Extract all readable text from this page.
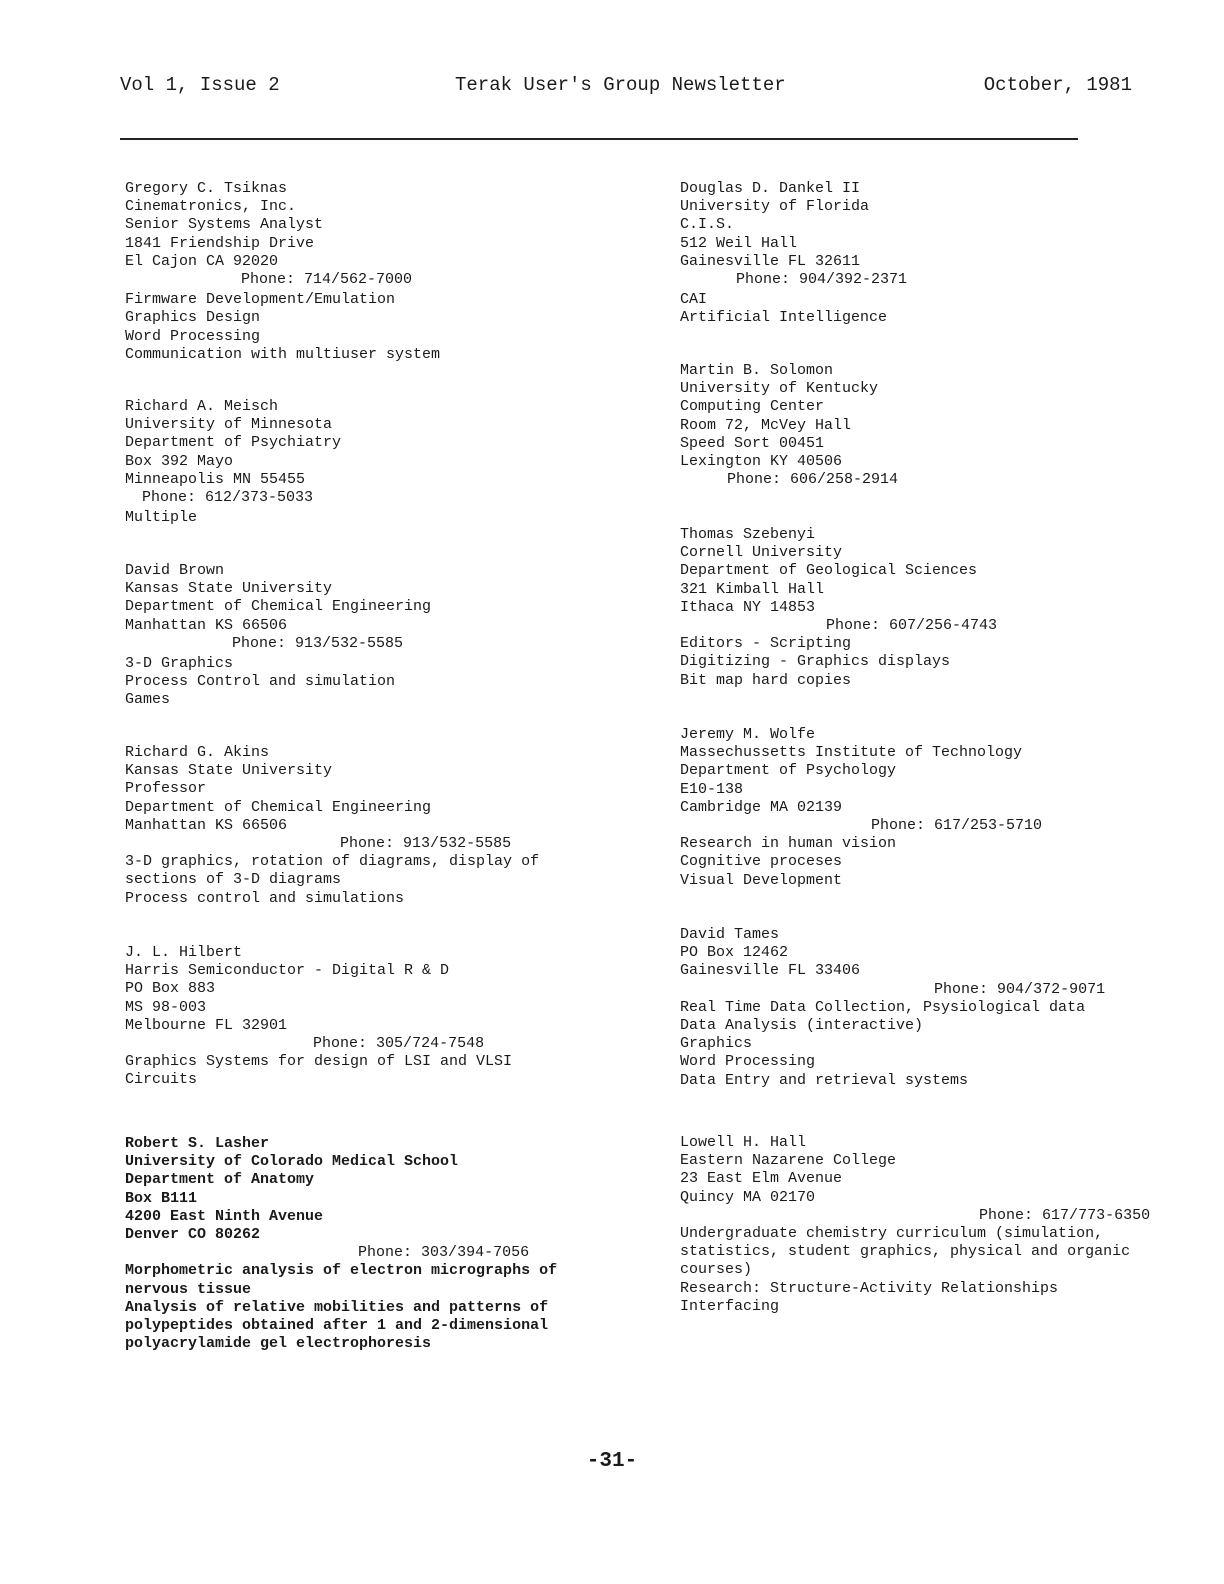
Vol 1, Issue 2	Terak User's Group Newsletter	October, 1981
Gregory C. Tsiknas
Cinematronics, Inc.
Senior Systems Analyst
1841 Friendship Drive
El Cajon CA 92020
Phone: 714/562-7000
Firmware Development/Emulation
Graphics Design
Word Processing
Communication with multiuser system
Richard A. Meisch
University of Minnesota
Department of Psychiatry
Box 392 Mayo
Minneapolis MN 55455
Phone: 612/373-5033
Multiple
David Brown
Kansas State University
Department of Chemical Engineering
Manhattan KS 66506
Phone: 913/532-5585
3-D Graphics
Process Control and simulation
Games
Richard G. Akins
Kansas State University
Professor
Department of Chemical Engineering
Manhattan KS 66506
Phone: 913/532-5585
3-D graphics, rotation of diagrams, display of
sections of 3-D diagrams
Process control and simulations
J. L. Hilbert
Harris Semiconductor - Digital R & D
PO Box 883
MS 98-003
Melbourne FL 32901
Phone: 305/724-7548
Graphics Systems for design of LSI and VLSI
Circuits
Robert S. Lasher
University of Colorado Medical School
Department of Anatomy
Box B111
4200 East Ninth Avenue
Denver CO 80262
Phone: 303/394-7056
Morphometric analysis of electron micrographs of
nervous tissue
Analysis of relative mobilities and patterns of
polypeptides obtained after 1 and 2-dimensional
polyacrylamide gel electrophoresis
Douglas D. Dankel II
University of Florida
C.I.S.
512 Weil Hall
Gainesville FL 32611
Phone: 904/392-2371
CAI
Artificial Intelligence
Martin B. Solomon
University of Kentucky
Computing Center
Room 72, McVey Hall
Speed Sort 00451
Lexington KY 40506
Phone: 606/258-2914
Thomas Szebenyi
Cornell University
Department of Geological Sciences
321 Kimball Hall
Ithaca NY 14853
Phone: 607/256-4743
Editors - Scripting
Digitizing - Graphics displays
Bit map hard copies
Jeremy M. Wolfe
Massechussetts Institute of Technology
Department of Psychology
E10-138
Cambridge MA 02139
Phone: 617/253-5710
Research in human vision
Cognitive proceses
Visual Development
David Tames
PO Box 12462
Gainesville FL 33406
Phone: 904/372-9071
Real Time Data Collection, Psysiological data
Data Analysis (interactive)
Graphics
Word Processing
Data Entry and retrieval systems
Lowell H. Hall
Eastern Nazarene College
23 East Elm Avenue
Quincy MA 02170
Phone: 617/773-6350
Undergraduate chemistry curriculum (simulation,
statistics, student graphics, physical and organic
courses)
Research: Structure-Activity Relationships
Interfacing
-31-
